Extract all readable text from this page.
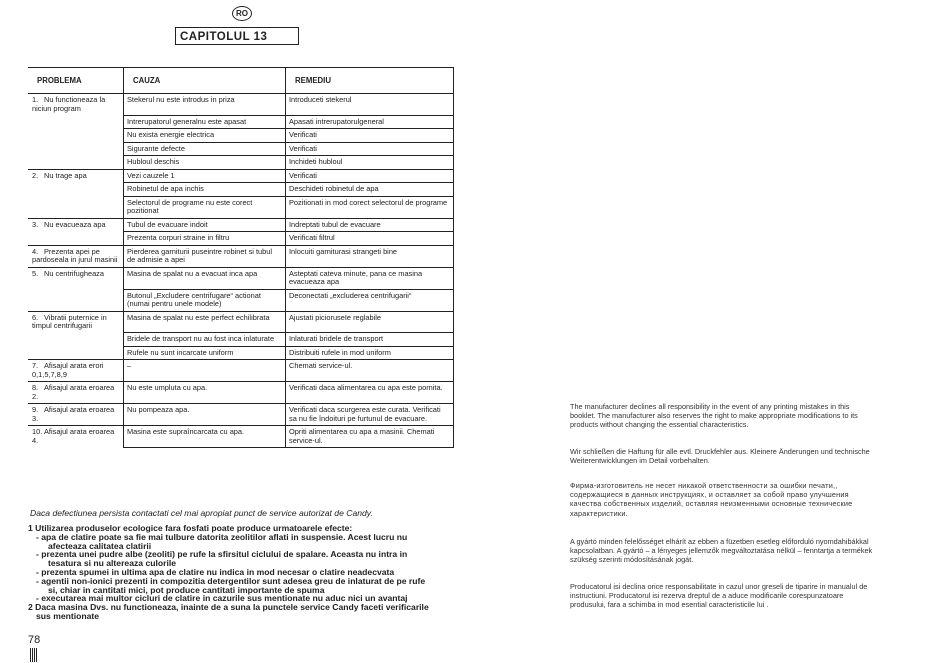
RO
CAPITOLUL 13
PROBLEMA	CAUZA	REMEDIU
1. Nu functioneaza la niciun program	Stekerul nu este introdus in priza	Introduceti stekerul
	Intrerupatorul generalnu este apasat	Apasati intrerupatorulgeneral
	Nu exista energie electrica	Verificati
	Sigurante defecte	Verificati
	Hubloul deschis	Inchideti hubloul
2. Nu trage apa	Vezi cauzele 1	Verificati
	Robinetul de apa inchis	Deschideti robinetul de apa
	Selectorul de programe nu este corect pozitionat	Pozitionati in mod corect selectorul de programe
3. Nu evacueaza apa	Tubul de evacuare indoit	Indreptati tubul de evacuare
	Prezenta corpuri straine in filtru	Verificati filtrul
4. Prezenta apei pe pardoseala in jurul masinii	Pierderea garniturii puseintre robinet si tubul de admisie a apei	Inlocuiti garniturasi strangeti bine
5. Nu centrifugheaza	Masina de spalat nu a evacuat inca apa	Asteptati cateva minute, pana ce masina evacueaza apa
	Butonul „Excludere centrifugare“ actionat (numai pentru unele modele)	Deconectati „excluderea centrifugarii“
6. Vibratii puternice in timpul centrifugarii	Masina de spalat nu este perfect echilibrata	Ajustati picioruseIe reglabile
	Bridele de transport nu au fost inca inlaturate	Inlaturati bridele de transport
	Rufele nu sunt incarcate uniform	Distribuiti rufele in mod uniform
7. Afisajul arata erori 0,1,5,7,8,9	–	Chemati service-ul.
8. Afisajul arata eroarea 2.	Nu este umpluta cu apa.	Verificati daca alimentarea cu apa este pornita.
9. Afisajul arata eroarea 3.	Nu pompeaza apa.	Verificati daca scurgerea este curata. Verificati sa nu fie îndoituri pe furtunul de evacuare.
10. Afisajul arata eroarea 4.	Masina este supraîncarcata cu apa.	Opriti alimentarea cu apa a masinii. Chemati service-ul.
Daca defectiunea persista contactati cel mai apropiat punct de service autorizat de Candy.
1 Utilizarea produselor ecologice fara fosfati poate produce urmatoarele efecte:
- apa de clatire poate sa fie mai tulbure datorita zeolitilor aflati in suspensie. Acest lucru nu
afecteaza calitatea clatirii
- prezenta unei pudre albe (zeoliti) pe rufe la sfirsitul ciclului de spalare. Aceasta nu intra in
tesatura si nu altereaza culorile
- prezenta spumei in ultima apa de clatire nu indica in mod necesar o clatire neadecvata
- agentii non-ionici prezenti in compozitia detergentilor sunt adesea greu de inlaturat de pe rufe
si, chiar in cantitati mici, pot produce cantitati importante de spuma
- executarea mai multor cicluri de clatire in cazurile sus mentionate nu aduc nici un avantaj
2 Daca masina Dvs. nu functioneaza, inainte de a suna la punctele service Candy faceti verificarile
sus mentionate
78
The manufacturer declines all responsibility in the event of any printing mistakes in this booklet. The manufacturer also reserves the right to make appropriate modifications to its products without changing the essential characteristics.
Wir schließen die Haftung für alle evtl. Druckfehler aus. Kleinere Änderungen und technische Weiterentwicklungen im Detail vorbehalten.
Фирма-изготовитель не несет никакой ответственности за ошибки печати,, содержащиеся в данных инструкциях, и оставляет за собой право улучшения качества собственных изделий, оставляя неизменными основные технические характеристики.
A gyártó minden felelősséget elhárít az ebben a füzetben esetleg előforduló nyomdahibákkal kapcsolatban. A gyártó – a lényeges jellemzők megváltoztatása nélkül – fenntartja a termékek szükség szerinti módosításának jogát.
Producatorul isi declina orice responsabilitate in cazul unor greseli de tiparire in manualul de instructiuni. Producatorul isi rezerva dreptul de a aduce modificarile corespunzatoare produsului, fara a schimba in mod esential caracteristicile lui .
